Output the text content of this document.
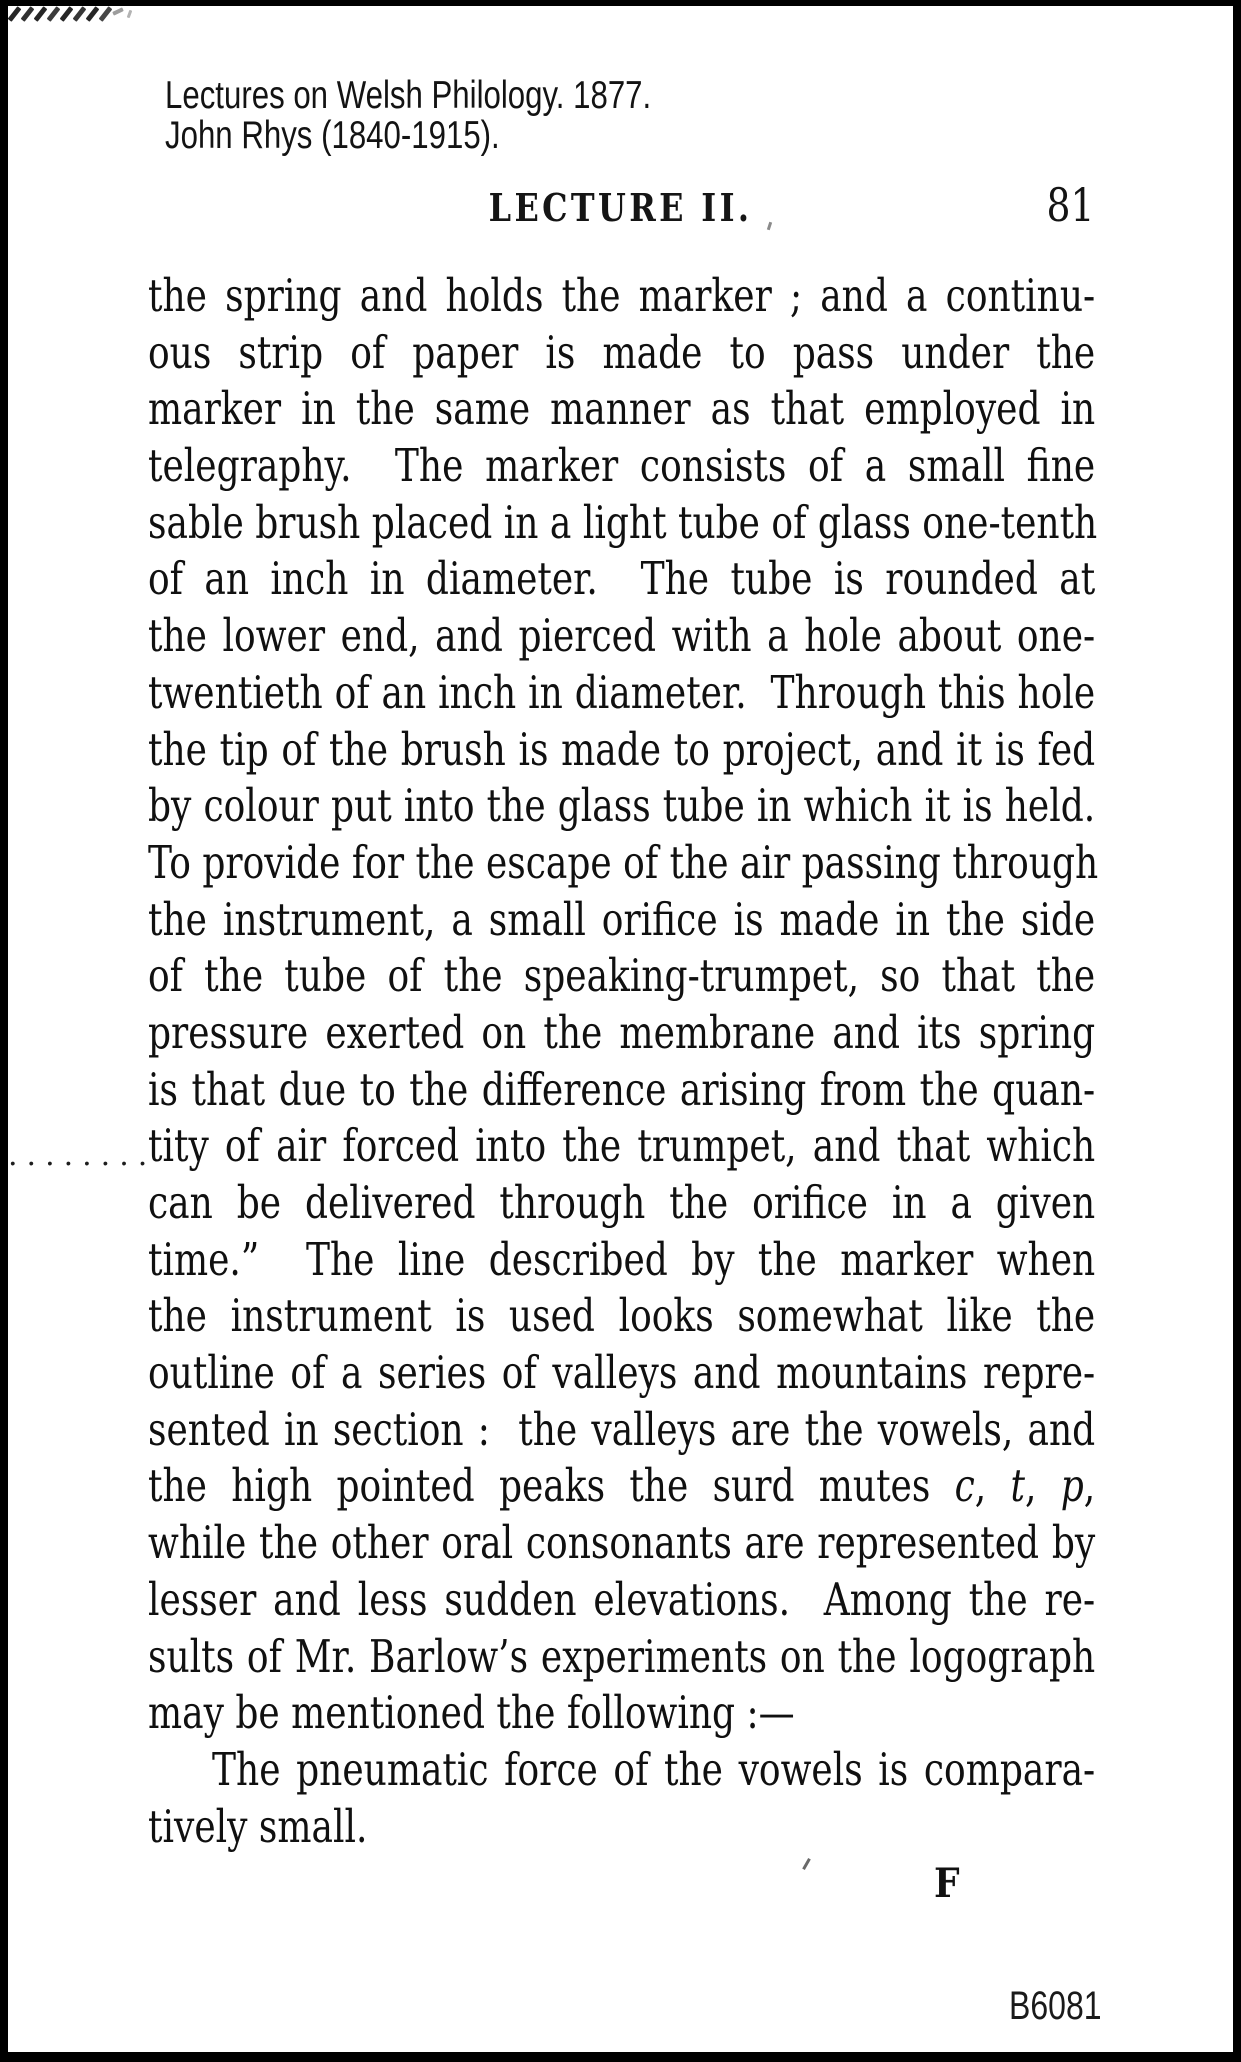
Lectures on Welsh Philology. 1877.
John Rhys (1840-1915).
LECTURE II.	81
the spring and holds the marker ; and a continu-
ous strip of paper is made to pass under the
marker in the same manner as that employed in
telegraphy.  The marker consists of a small fine
sable brush placed in a light tube of glass one-tenth
of an inch in diameter.  The tube is rounded at
the lower end, and pierced with a hole about one-
twentieth of an inch in diameter.  Through this hole
the tip of the brush is made to project, and it is fed
by colour put into the glass tube in which it is held.
To provide for the escape of the air passing through
the instrument, a small orifice is made in the side
of the tube of the speaking-trumpet, so that the
pressure exerted on the membrane and its spring
is that due to the difference arising from the quan-
tity of air forced into the trumpet, and that which
can be delivered through the orifice in a given
time.”  The line described by the marker when
the instrument is used looks somewhat like the
outline of a series of valleys and mountains repre-
sented in section :  the valleys are the vowels, and
the high pointed peaks the surd mutes c, t, p,
while the other oral consonants are represented by
lesser and less sudden elevations.  Among the re-
sults of Mr. Barlow’s experiments on the logograph
may be mentioned the following :—
The pneumatic force of the vowels is compara-
tively small.
........
F
B6081
